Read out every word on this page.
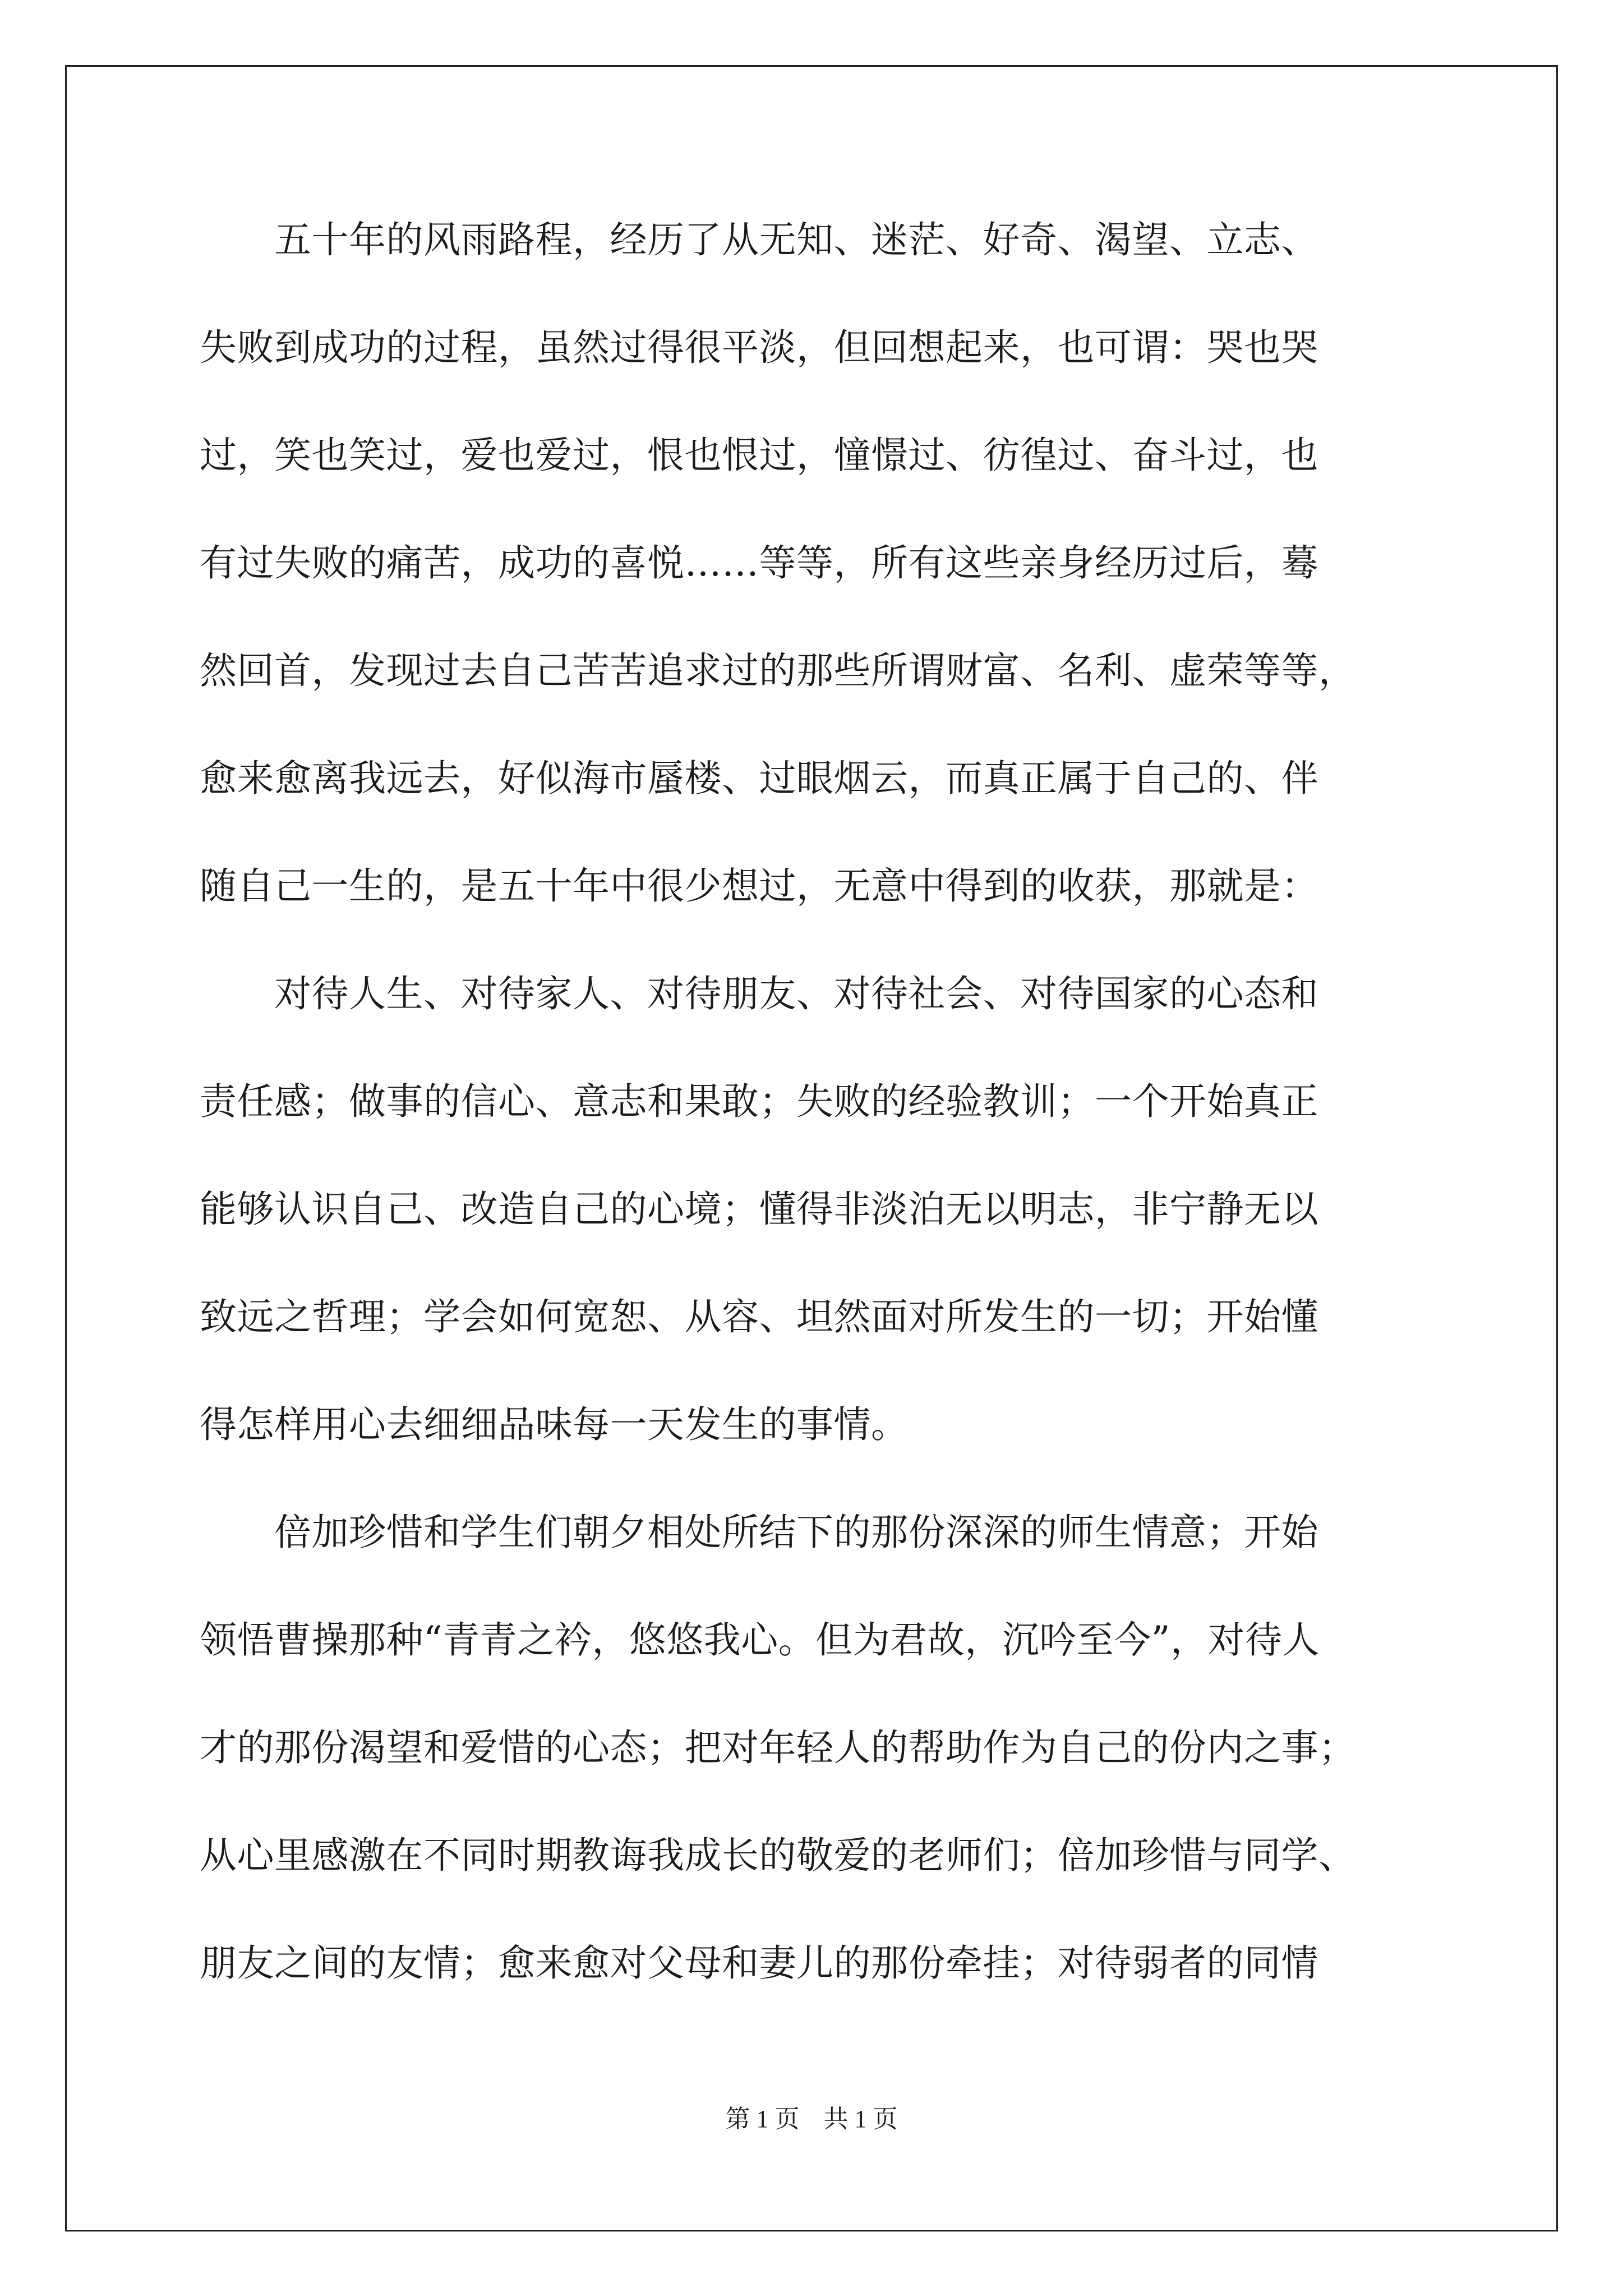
　　五十年的风雨路程，经历了从无知、迷茫、好奇、渴望、立志、
失败到成功的过程，虽然过得很平淡，但回想起来，也可谓：哭也哭
过，笑也笑过，爱也爱过，恨也恨过，憧憬过、彷徨过、奋斗过，也
有过失败的痛苦，成功的喜悦……等等，所有这些亲身经历过后，蓦
然回首，发现过去自己苦苦追求过的那些所谓财富、名利、虚荣等等，
愈来愈离我远去，好似海市蜃楼、过眼烟云，而真正属于自己的、伴
随自己一生的，是五十年中很少想过，无意中得到的收获，那就是：
　　对待人生、对待家人、对待朋友、对待社会、对待国家的心态和
责任感；做事的信心、意志和果敢；失败的经验教训；一个开始真正
能够认识自己、改造自己的心境；懂得非淡泊无以明志，非宁静无以
致远之哲理；学会如何宽恕、从容、坦然面对所发生的一切；开始懂
得怎样用心去细细品味每一天发生的事情。
　　倍加珍惜和学生们朝夕相处所结下的那份深深的师生情意；开始
领悟曹操那种“青青之衿，悠悠我心。但为君故，沉吟至今”，对待人
才的那份渴望和爱惜的心态；把对年轻人的帮助作为自己的份内之事；
从心里感激在不同时期教诲我成长的敬爱的老师们；倍加珍惜与同学、
朋友之间的友情；愈来愈对父母和妻儿的那份牵挂；对待弱者的同情
第 1 页 共 1 页
